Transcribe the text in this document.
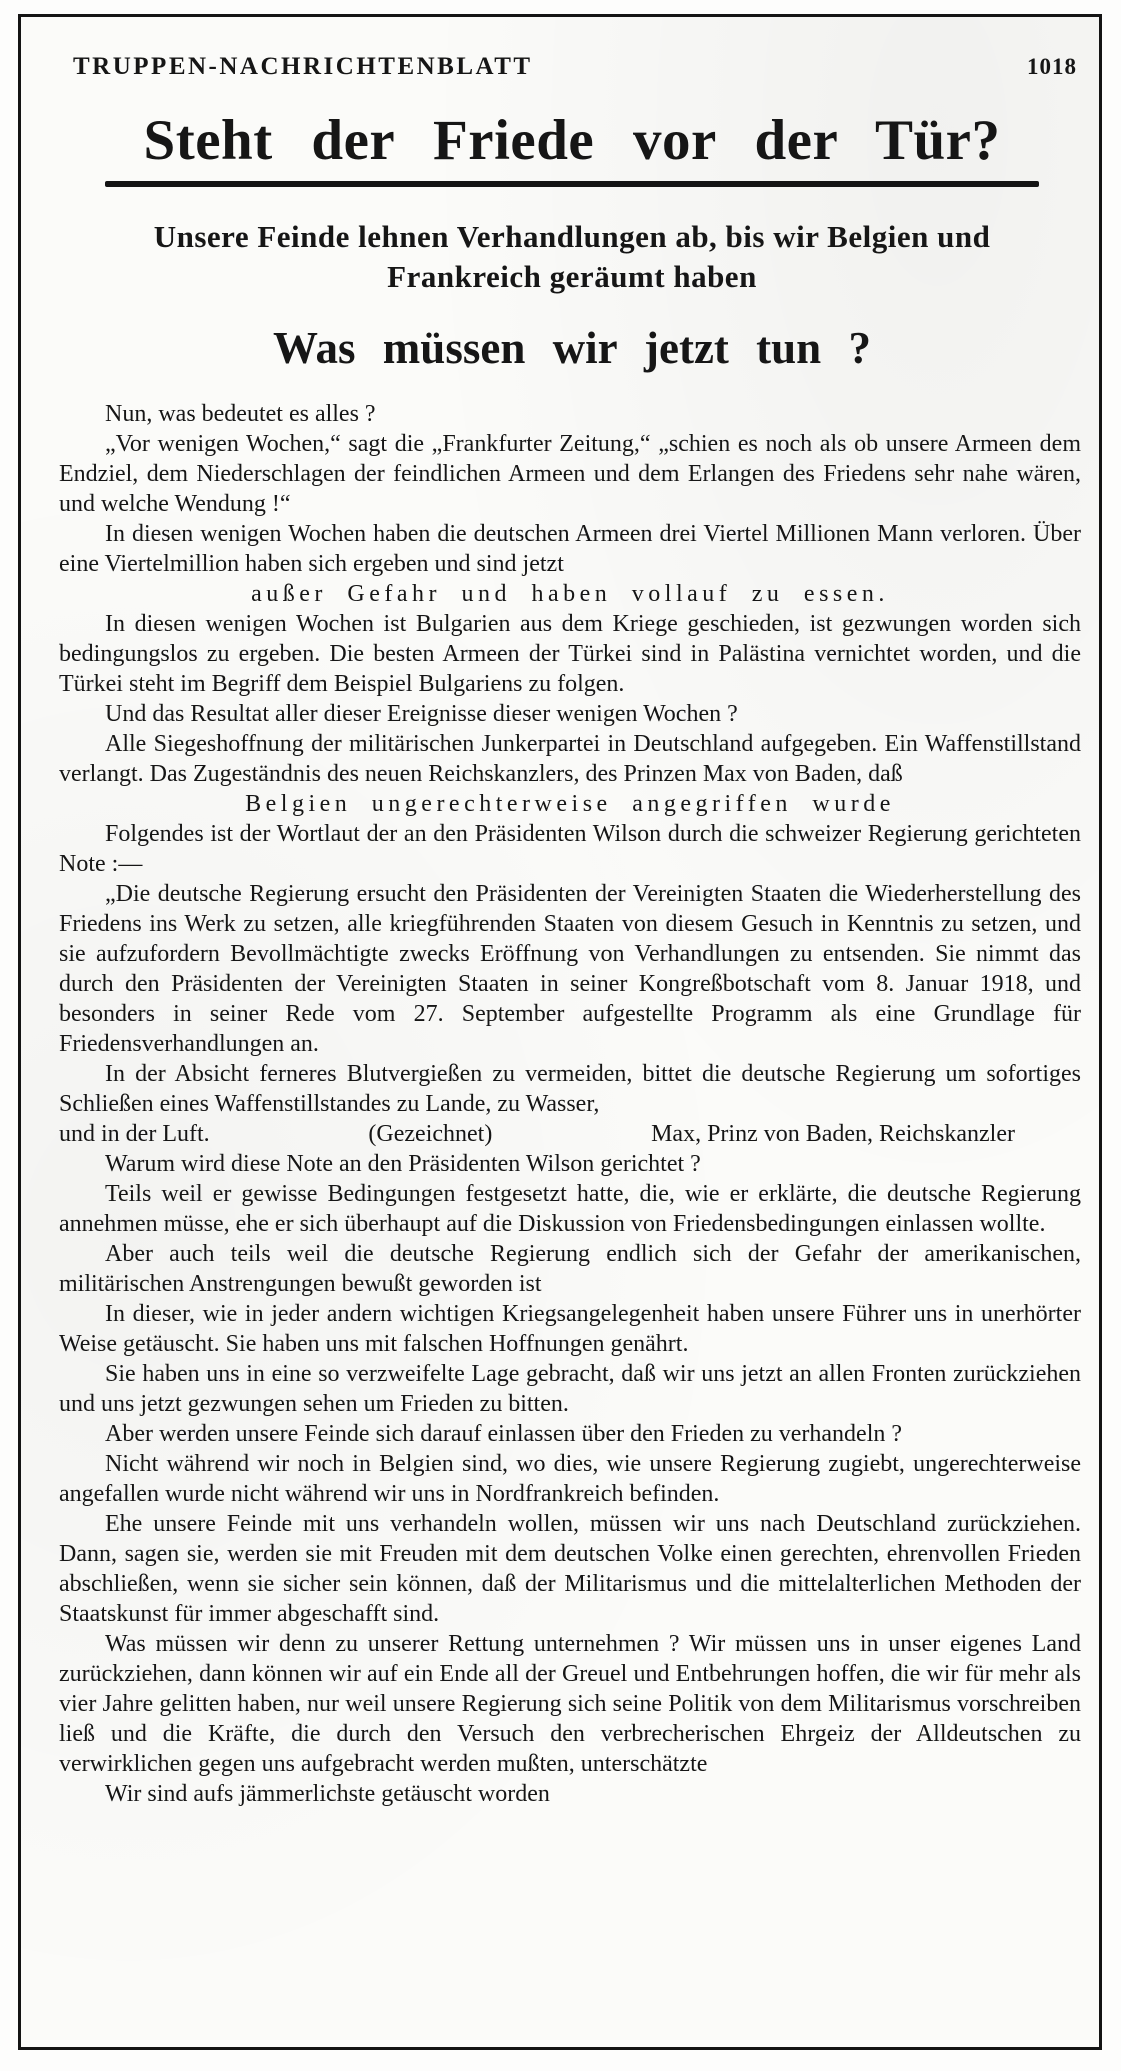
TRUPPEN-NACHRICHTENBLATT	1018
Steht der Friede vor der Tür?
Unsere Feinde lehnen Verhandlungen ab, bis wir Belgien und Frankreich geräumt haben
Was müssen wir jetzt tun ?

Nun, was bedeutet es alles ?

„Vor wenigen Wochen,“ sagt die „Frankfurter Zeitung,“ „schien es noch als ob unsere Armeen dem Endziel, dem Niederschlagen der feindlichen Armeen und dem Erlangen des Friedens sehr nahe wären, und welche Wendung !“

In diesen wenigen Wochen haben die deutschen Armeen drei Viertel Millionen Mann verloren. Über eine Viertelmillion haben sich ergeben und sind jetzt

außer Gefahr und haben vollauf zu essen.

In diesen wenigen Wochen ist Bulgarien aus dem Kriege geschieden, ist gezwungen worden sich bedingungslos zu ergeben. Die besten Armeen der Türkei sind in Palästina vernichtet worden, und die Türkei steht im Begriff dem Beispiel Bulgariens zu folgen.

Und das Resultat aller dieser Ereignisse dieser wenigen Wochen ?

Alle Siegeshoffnung der militärischen Junkerpartei in Deutschland aufgegeben. Ein Waffenstillstand verlangt. Das Zugeständnis des neuen Reichskanzlers, des Prinzen Max von Baden, daß

Belgien ungerechterweise angegriffen wurde

Folgendes ist der Wortlaut der an den Präsidenten Wilson durch die schweizer Regierung gerichteten Note :—

„Die deutsche Regierung ersucht den Präsidenten der Vereinigten Staaten die Wiederherstellung des Friedens ins Werk zu setzen, alle kriegführenden Staaten von diesem Gesuch in Kenntnis zu setzen, und sie aufzufordern Bevollmächtigte zwecks Eröffnung von Verhandlungen zu entsenden. Sie nimmt das durch den Präsidenten der Vereinigten Staaten in seiner Kongreßbotschaft vom 8. Januar 1918, und besonders in seiner Rede vom 27. September aufgestellte Programm als eine Grundlage für Friedensverhandlungen an.

In der Absicht ferneres Blutvergießen zu vermeiden, bittet die deutsche Regierung um sofortiges Schließen eines Waffenstillstandes zu Lande, zu Wasser,

und in der Luft.	(Gezeichnet)	Max, Prinz von Baden, Reichskanzler

Warum wird diese Note an den Präsidenten Wilson gerichtet ?

Teils weil er gewisse Bedingungen festgesetzt hatte, die, wie er erklärte, die deutsche Regierung annehmen müsse, ehe er sich überhaupt auf die Diskussion von Friedensbedingungen einlassen wollte.

Aber auch teils weil die deutsche Regierung endlich sich der Gefahr der amerikanischen, militärischen Anstrengungen bewußt geworden ist

In dieser, wie in jeder andern wichtigen Kriegsangelegenheit haben unsere Führer uns in unerhörter Weise getäuscht. Sie haben uns mit falschen Hoffnungen genährt.

Sie haben uns in eine so verzweifelte Lage gebracht, daß wir uns jetzt an allen Fronten zurückziehen und uns jetzt gezwungen sehen um Frieden zu bitten.

Aber werden unsere Feinde sich darauf einlassen über den Frieden zu verhandeln ?

Nicht während wir noch in Belgien sind, wo dies, wie unsere Regierung zugiebt, ungerechterweise angefallen wurde nicht während wir uns in Nordfrankreich befinden.

Ehe unsere Feinde mit uns verhandeln wollen, müssen wir uns nach Deutschland zurückziehen. Dann, sagen sie, werden sie mit Freuden mit dem deutschen Volke einen gerechten, ehrenvollen Frieden abschließen, wenn sie sicher sein können, daß der Militarismus und die mittelalterlichen Methoden der Staatskunst für immer abgeschafft sind.

Was müssen wir denn zu unserer Rettung unternehmen ? Wir müssen uns in unser eigenes Land zurückziehen, dann können wir auf ein Ende all der Greuel und Entbehrungen hoffen, die wir für mehr als vier Jahre gelitten haben, nur weil unsere Regierung sich seine Politik von dem Militarismus vorschreiben ließ und die Kräfte, die durch den Versuch den verbrecherischen Ehrgeiz der Alldeutschen zu verwirklichen gegen uns aufgebracht werden mußten, unterschätzte

Wir sind aufs jämmerlichste getäuscht worden
